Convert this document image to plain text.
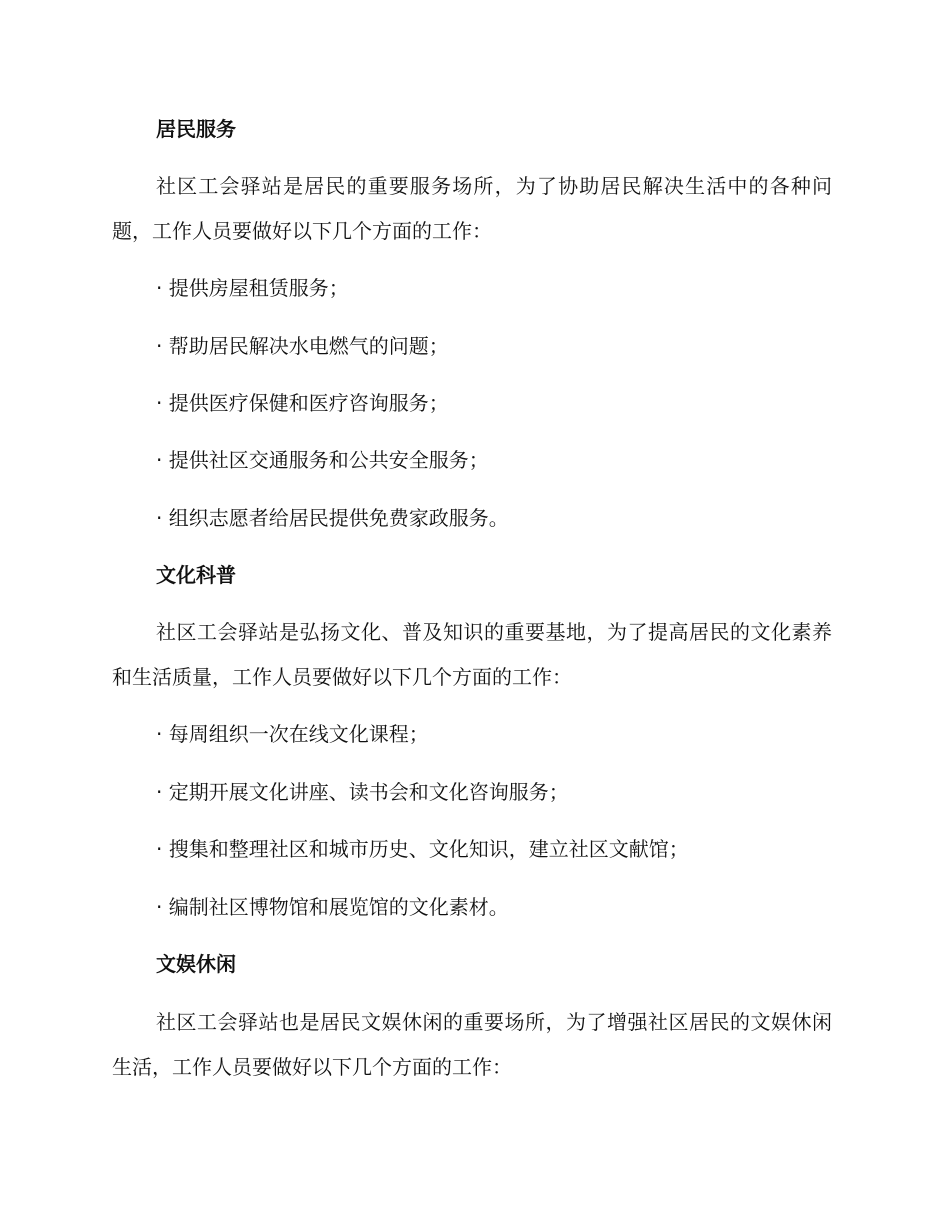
居民服务

社区工会驿站是居民的重要服务场所，为了协助居民解决生活中的各种问题，工作人员要做好以下几个方面的工作：

· 提供房屋租赁服务；
· 帮助居民解决水电燃气的问题；
· 提供医疗保健和医疗咨询服务；
· 提供社区交通服务和公共安全服务；
· 组织志愿者给居民提供免费家政服务。
文化科普

社区工会驿站是弘扬文化、普及知识的重要基地，为了提高居民的文化素养和生活质量，工作人员要做好以下几个方面的工作：

· 每周组织一次在线文化课程；
· 定期开展文化讲座、读书会和文化咨询服务；
· 搜集和整理社区和城市历史、文化知识，建立社区文献馆；
· 编制社区博物馆和展览馆的文化素材。
文娱休闲

社区工会驿站也是居民文娱休闲的重要场所，为了增强社区居民的文娱休闲生活，工作人员要做好以下几个方面的工作：
